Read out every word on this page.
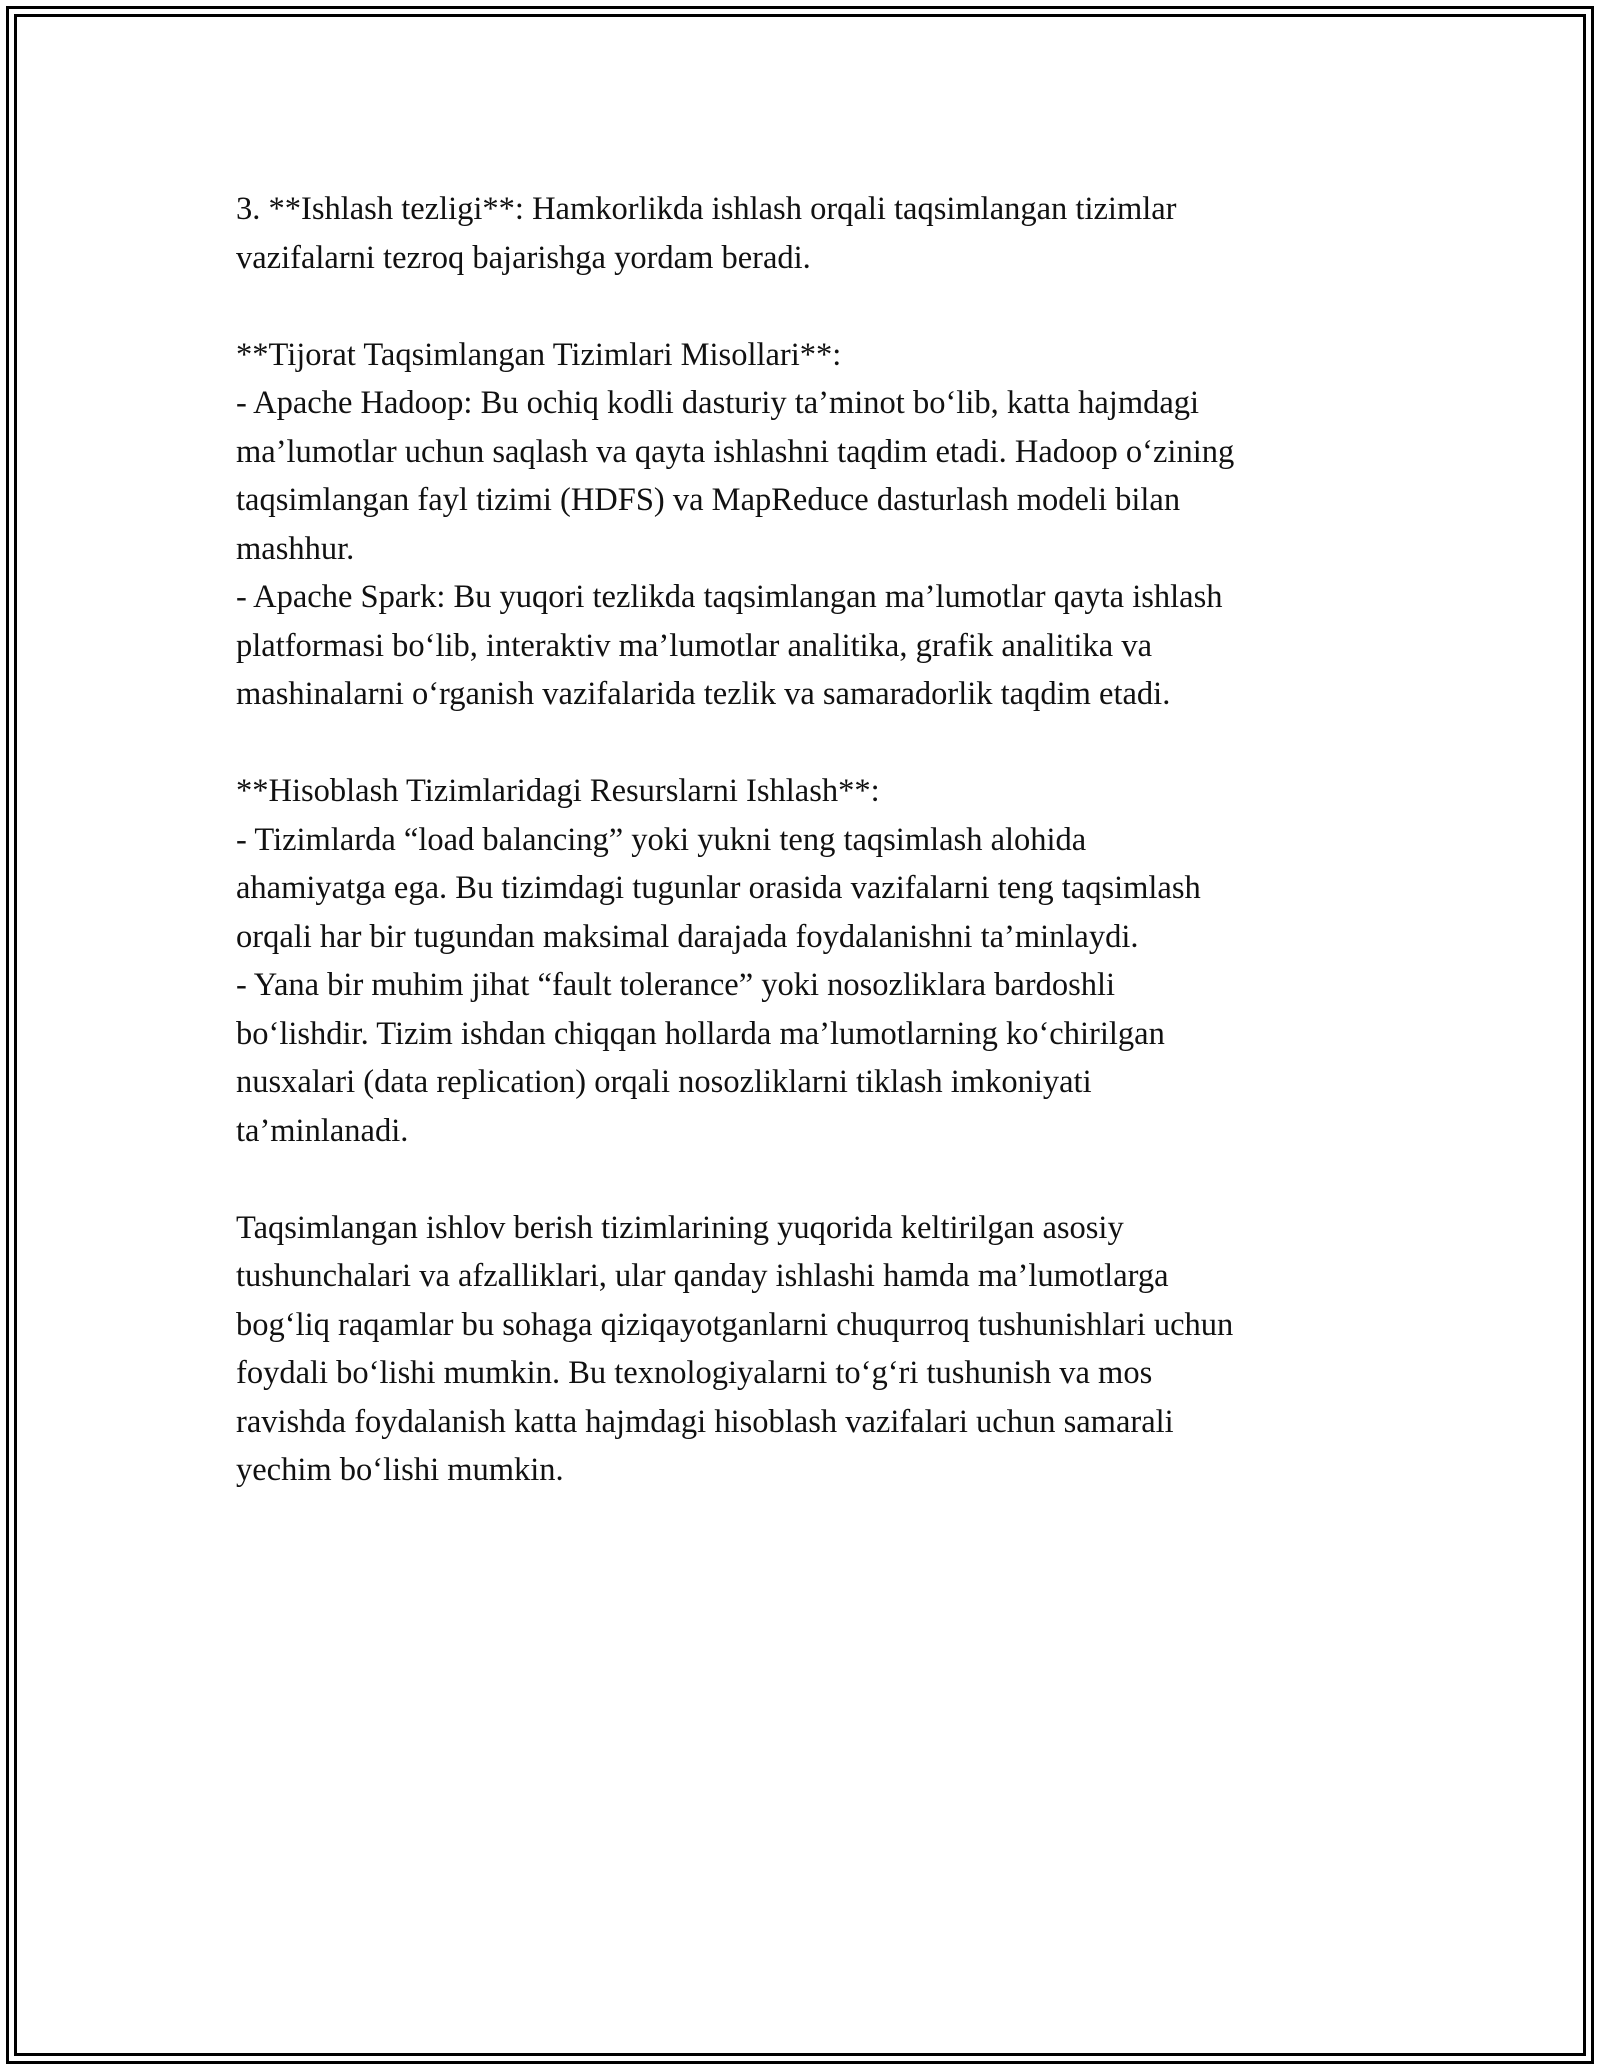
3. **Ishlash tezligi**: Hamkorlikda ishlash orqali taqsimlangan tizimlar
vazifalarni tezroq bajarishga yordam beradi.
**Tijorat Taqsimlangan Tizimlari Misollari**:
- Apache Hadoop: Bu ochiq kodli dasturiy ta’minot bo‘lib, katta hajmdagi
ma’lumotlar uchun saqlash va qayta ishlashni taqdim etadi. Hadoop o‘zining
taqsimlangan fayl tizimi (HDFS) va MapReduce dasturlash modeli bilan
mashhur.
- Apache Spark: Bu yuqori tezlikda taqsimlangan ma’lumotlar qayta ishlash
platformasi bo‘lib, interaktiv ma’lumotlar analitika, grafik analitika va
mashinalarni o‘rganish vazifalarida tezlik va samaradorlik taqdim etadi.
**Hisoblash Tizimlaridagi Resurslarni Ishlash**:
- Tizimlarda “load balancing” yoki yukni teng taqsimlash alohida
ahamiyatga ega. Bu tizimdagi tugunlar orasida vazifalarni teng taqsimlash
orqali har bir tugundan maksimal darajada foydalanishni ta’minlaydi.
- Yana bir muhim jihat “fault tolerance” yoki nosozliklara bardoshli
bo‘lishdir. Tizim ishdan chiqqan hollarda ma’lumotlarning ko‘chirilgan
nusxalari (data replication) orqali nosozliklarni tiklash imkoniyati
ta’minlanadi.
Taqsimlangan ishlov berish tizimlarining yuqorida keltirilgan asosiy
tushunchalari va afzalliklari, ular qanday ishlashi hamda ma’lumotlarga
bog‘liq raqamlar bu sohaga qiziqayotganlarni chuqurroq tushunishlari uchun
foydali bo‘lishi mumkin. Bu texnologiyalarni to‘g‘ri tushunish va mos
ravishda foydalanish katta hajmdagi hisoblash vazifalari uchun samarali
yechim bo‘lishi mumkin.
